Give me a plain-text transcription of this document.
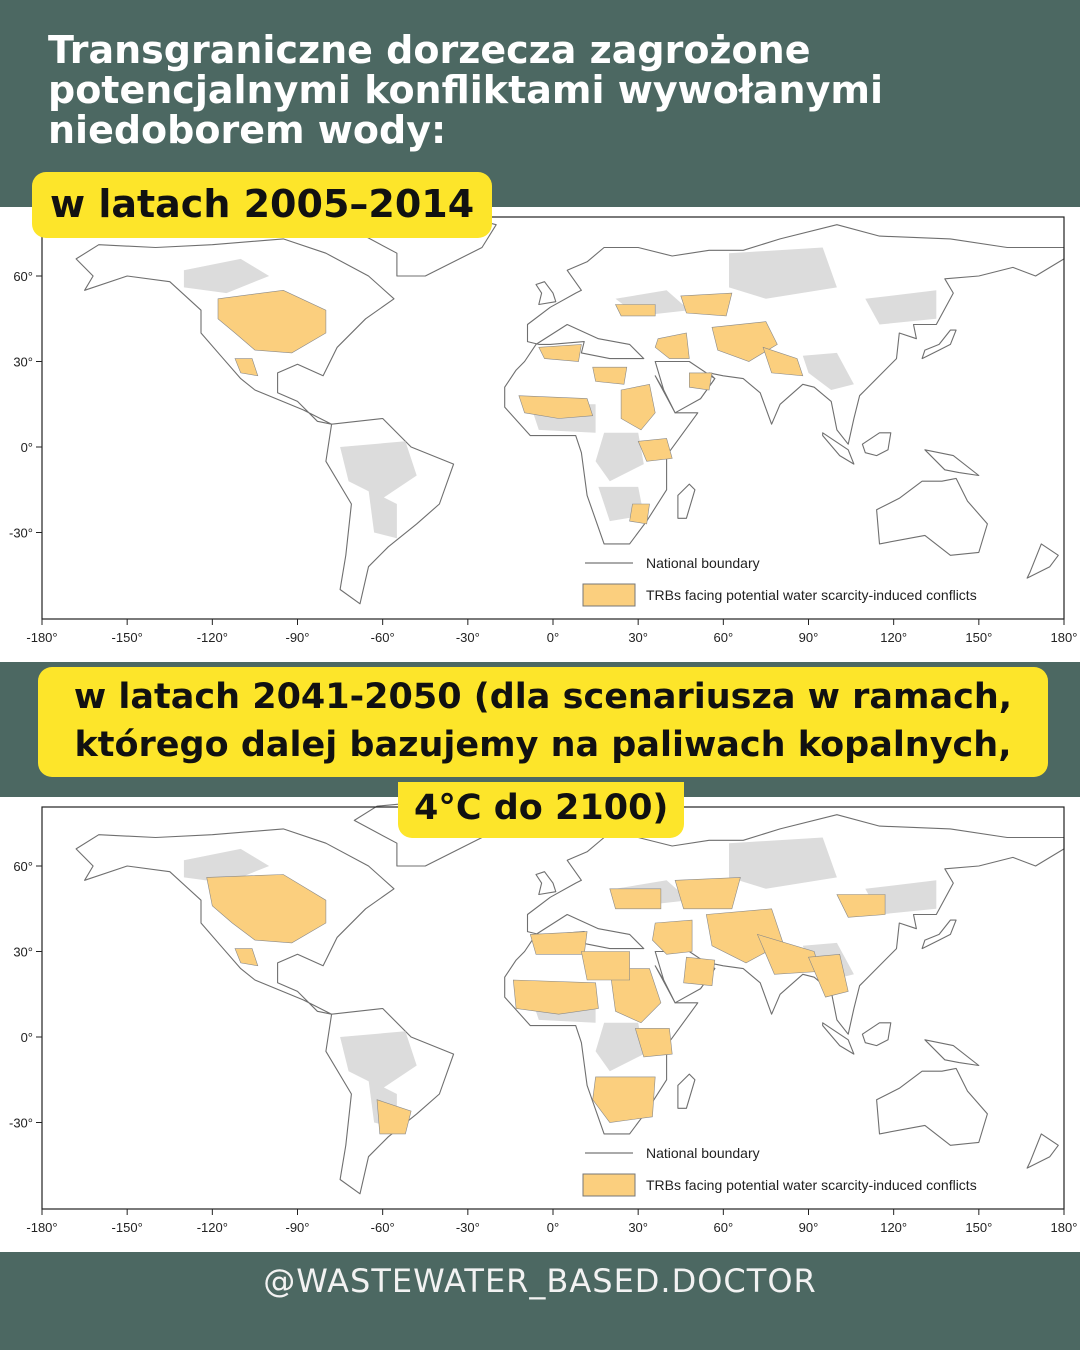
Transgraniczne dorzecza zagrożone
potencjalnymi konfliktami wywołanymi
niedoborem wody:
-180°	-150°	-120°	-90°	-60°	-30°	0°	30°	60°	90°	120°	150°	180°
60°
30°
0°
-30°
National boundary
TRBs facing potential water scarcity-induced conflicts
w latach 2005–2014
-180°	-150°	-120°	-90°	-60°	-30°	0°	30°	60°	90°	120°	150°	180°
60°
30°
0°
-30°
National boundary
TRBs facing potential water scarcity-induced conflicts
w latach 2041-2050 (dla scenariusza w ramach,
którego dalej bazujemy na paliwach kopalnych,
4°C do 2100)
@WASTEWATER_BASED.DOCTOR
